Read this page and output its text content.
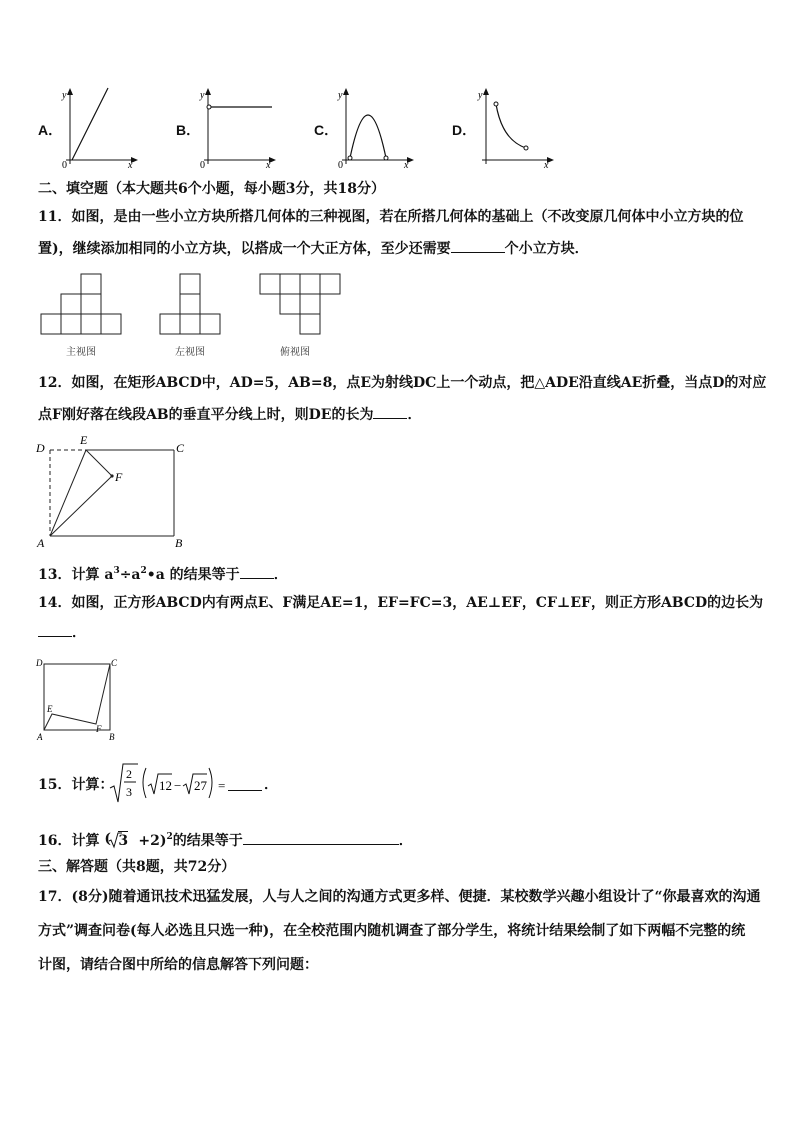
A．
y
x
0
B．
y
x
0
C．
y
x
0
D．
y
x
二、填空题（本大题共6个小题，每小题3分，共18分）
11．如图，是由一些小立方块所搭几何体的三种视图，若在所搭几何体的基础上（不改变原几何体中小立方块的位
置)，继续添加相同的小立方块，以搭成一个大正方体，至少还需要	个小立方块．
主视图	左视图	俯视图
12．如图，在矩形ABCD中，AD=5，AB=8，点E为射线DC上一个动点，把△ADE沿直线AE折叠，当点D的对应
点F刚好落在线段AB的垂直平分线上时，则DE的长为 ．
D
E
C
F
A	B
13．计算 $a^3\div a^2•a$ 的结果等于 ．
14．如图，正方形ABCD内有两点E、F满足AE=1，EF=FC=3，AE⊥EF，CF⊥EF，则正方形ABCD的边长为
．
D	C
E
F
A	B
15．计算：
2
3 12 − 27 =	．
16．计算 ( 3 +2)$^2$的结果等于	．
三、解答题（共8题，共72分）
17．(8分)随着通讯技术迅猛发展，人与人之间的沟通方式更多样、便捷．某校数学兴趣小组设计了“你最喜欢的沟通
方式”调查问卷(每人必选且只选一种)，在全校范围内随机调查了部分学生，将统计结果绘制了如下两幅不完整的统
计图，请结合图中所给的信息解答下列问题：
